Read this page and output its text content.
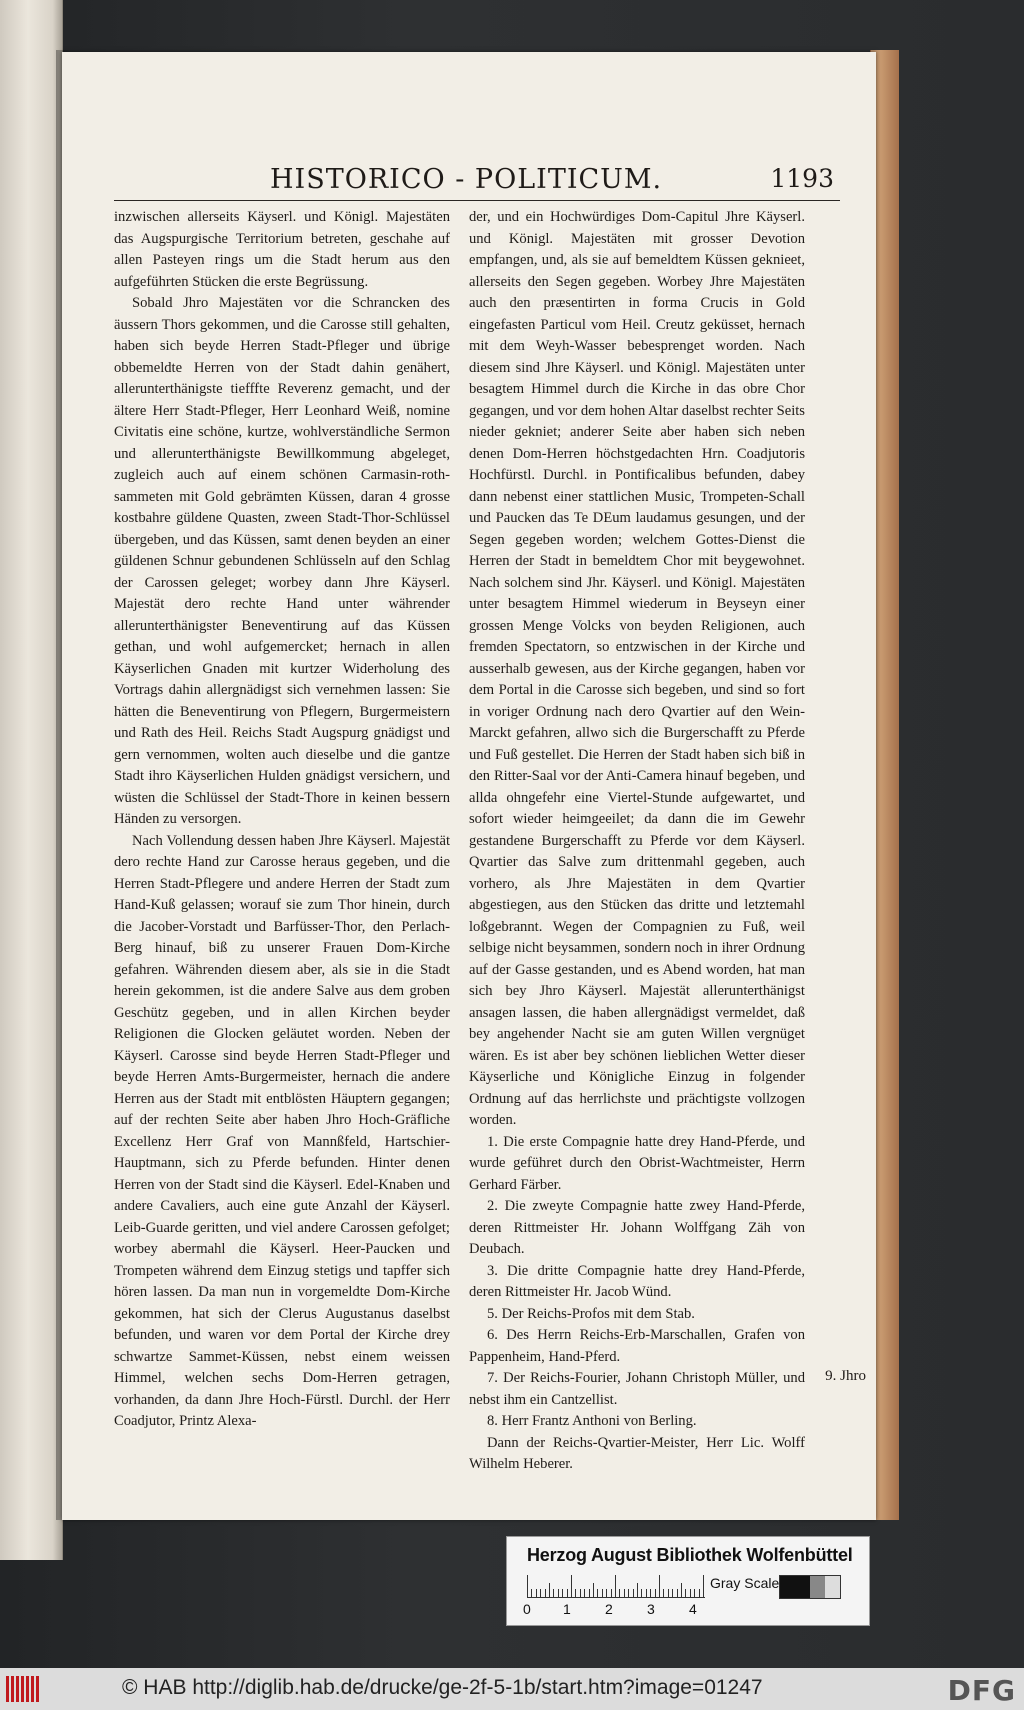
HISTORICO - POLITICUM.	1193

inzwischen allerseits Käyserl. und Königl. Majestäten das Augspurgische Territorium betreten, geschahe auf allen Pasteyen rings um die Stadt herum aus den aufgeführten Stücken die erste Begrüssung.

Sobald Jhro Majestäten vor die Schrancken des äussern Thors gekommen, und die Carosse still gehalten, haben sich beyde Herren Stadt-Pfleger und übrige obbemeldte Herren von der Stadt dahin genähert, allerunterthänigste tiefffte Reverenz gemacht, und der ältere Herr Stadt-Pfleger, Herr Leonhard Weiß, nomine Civitatis eine schöne, kurtze, wohlverständliche Sermon und allerunterthänigste Bewillkommung abgeleget, zugleich auch auf einem schönen Carmasin-roth-sammeten mit Gold gebrämten Küssen, daran 4 grosse kostbahre güldene Quasten, zween Stadt-Thor-Schlüssel übergeben, und das Küssen, samt denen beyden an einer güldenen Schnur gebundenen Schlüsseln auf den Schlag der Carossen geleget; worbey dann Jhre Käyserl. Majestät dero rechte Hand unter währender allerunterthänigster Beneventirung auf das Küssen gethan, und wohl aufgemercket; hernach in allen Käyserlichen Gnaden mit kurtzer Widerholung des Vortrags dahin allergnädigst sich vernehmen lassen: Sie hätten die Beneventirung von Pflegern, Burgermeistern und Rath des Heil. Reichs Stadt Augspurg gnädigst und gern vernommen, wolten auch dieselbe und die gantze Stadt ihro Käyserlichen Hulden gnädigst versichern, und wüsten die Schlüssel der Stadt-Thore in keinen bessern Händen zu versorgen.

Nach Vollendung dessen haben Jhre Käyserl. Majestät dero rechte Hand zur Carosse heraus gegeben, und die Herren Stadt-Pflegere und andere Herren der Stadt zum Hand-Kuß gelassen; worauf sie zum Thor hinein, durch die Jacober-Vorstadt und Barfüsser-Thor, den Perlach-Berg hinauf, biß zu unserer Frauen Dom-Kirche gefahren. Währenden diesem aber, als sie in die Stadt herein gekommen, ist die andere Salve aus dem groben Geschütz gegeben, und in allen Kirchen beyder Religionen die Glocken geläutet worden. Neben der Käyserl. Carosse sind beyde Herren Stadt-Pfleger und beyde Herren Amts-Burgermeister, hernach die andere Herren aus der Stadt mit entblösten Häuptern gegangen; auf der rechten Seite aber haben Jhro Hoch-Gräfliche Excellenz Herr Graf von Mannßfeld, Hartschier-Hauptmann, sich zu Pferde befunden. Hinter denen Herren von der Stadt sind die Käyserl. Edel-Knaben und andere Cavaliers, auch eine gute Anzahl der Käyserl. Leib-Guarde geritten, und viel andere Carossen gefolget; worbey abermahl die Käyserl. Heer-Paucken und Trompeten während dem Einzug stetigs und tapffer sich hören lassen. Da man nun in vorgemeldte Dom-Kirche gekommen, hat sich der Clerus Augustanus daselbst befunden, und waren vor dem Portal der Kirche drey schwartze Sammet-Küssen, nebst einem weissen Himmel, welchen sechs Dom-Herren getragen, vorhanden, da dann Jhre Hoch-Fürstl. Durchl. der Herr Coadjutor, Printz Alexa-

der, und ein Hochwürdiges Dom-Capitul Jhre Käyserl. und Königl. Majestäten mit grosser Devotion empfangen, und, als sie auf bemeldtem Küssen geknieet, allerseits den Segen gegeben. Worbey Jhre Majestäten auch den præsentirten in forma Crucis in Gold eingefasten Particul vom Heil. Creutz geküsset, hernach mit dem Weyh-Wasser bebesprenget worden. Nach diesem sind Jhre Käyserl. und Königl. Majestäten unter besagtem Himmel durch die Kirche in das obre Chor gegangen, und vor dem hohen Altar daselbst rechter Seits nieder gekniet; anderer Seite aber haben sich neben denen Dom-Herren höchstgedachten Hrn. Coadjutoris Hochfürstl. Durchl. in Pontificalibus befunden, dabey dann nebenst einer stattlichen Music, Trompeten-Schall und Paucken das Te DEum laudamus gesungen, und der Segen gegeben worden; welchem Gottes-Dienst die Herren der Stadt in bemeldtem Chor mit beygewohnet. Nach solchem sind Jhr. Käyserl. und Königl. Majestäten unter besagtem Himmel wiederum in Beyseyn einer grossen Menge Volcks von beyden Religionen, auch fremden Spectatorn, so entzwischen in der Kirche und ausserhalb gewesen, aus der Kirche gegangen, haben vor dem Portal in die Carosse sich begeben, und sind so fort in voriger Ordnung nach dero Qvartier auf den Wein-Marckt gefahren, allwo sich die Burgerschafft zu Pferde und Fuß gestellet. Die Herren der Stadt haben sich biß in den Ritter-Saal vor der Anti-Camera hinauf begeben, und allda ohngefehr eine Viertel-Stunde aufgewartet, und sofort wieder heimgeeilet; da dann die im Gewehr gestandene Burgerschafft zu Pferde vor dem Käyserl. Qvartier das Salve zum drittenmahl gegeben, auch vorhero, als Jhre Majestäten in dem Qvartier abgestiegen, aus den Stücken das dritte und letztemahl loßgebrannt. Wegen der Compagnien zu Fuß, weil selbige nicht beysammen, sondern noch in ihrer Ordnung auf der Gasse gestanden, und es Abend worden, hat man sich bey Jhro Käyserl. Majestät allerunterthänigst ansagen lassen, die haben allergnädigst vermeldet, daß bey angehender Nacht sie am guten Willen vergnüget wären. Es ist aber bey schönen lieblichen Wetter dieser Käyserliche und Königliche Einzug in folgender Ordnung auf das herrlichste und prächtigste vollzogen worden.

1. Die erste Compagnie hatte drey Hand-Pferde, und wurde geführet durch den Obrist-Wachtmeister, Herrn Gerhard Färber.

2. Die zweyte Compagnie hatte zwey Hand-Pferde, deren Rittmeister Hr. Johann Wolffgang Zäh von Deubach.

3. Die dritte Compagnie hatte drey Hand-Pferde, deren Rittmeister Hr. Jacob Wünd.

5. Der Reichs-Profos mit dem Stab.

6. Des Herrn Reichs-Erb-Marschallen, Grafen von Pappenheim, Hand-Pferd.

7. Der Reichs-Fourier, Johann Christoph Müller, und nebst ihm ein Cantzellist.

8. Herr Frantz Anthoni von Berling.

Dann der Reichs-Qvartier-Meister, Herr Lic. Wolff Wilhelm Heberer.

9. Jhro
Herzog August Bibliothek Wolfenbüttel
0 1 2 3 4
Gray Scale
© HAB http://diglib.hab.de/drucke/ge-2f-5-1b/start.htm?image=01247	DFG
